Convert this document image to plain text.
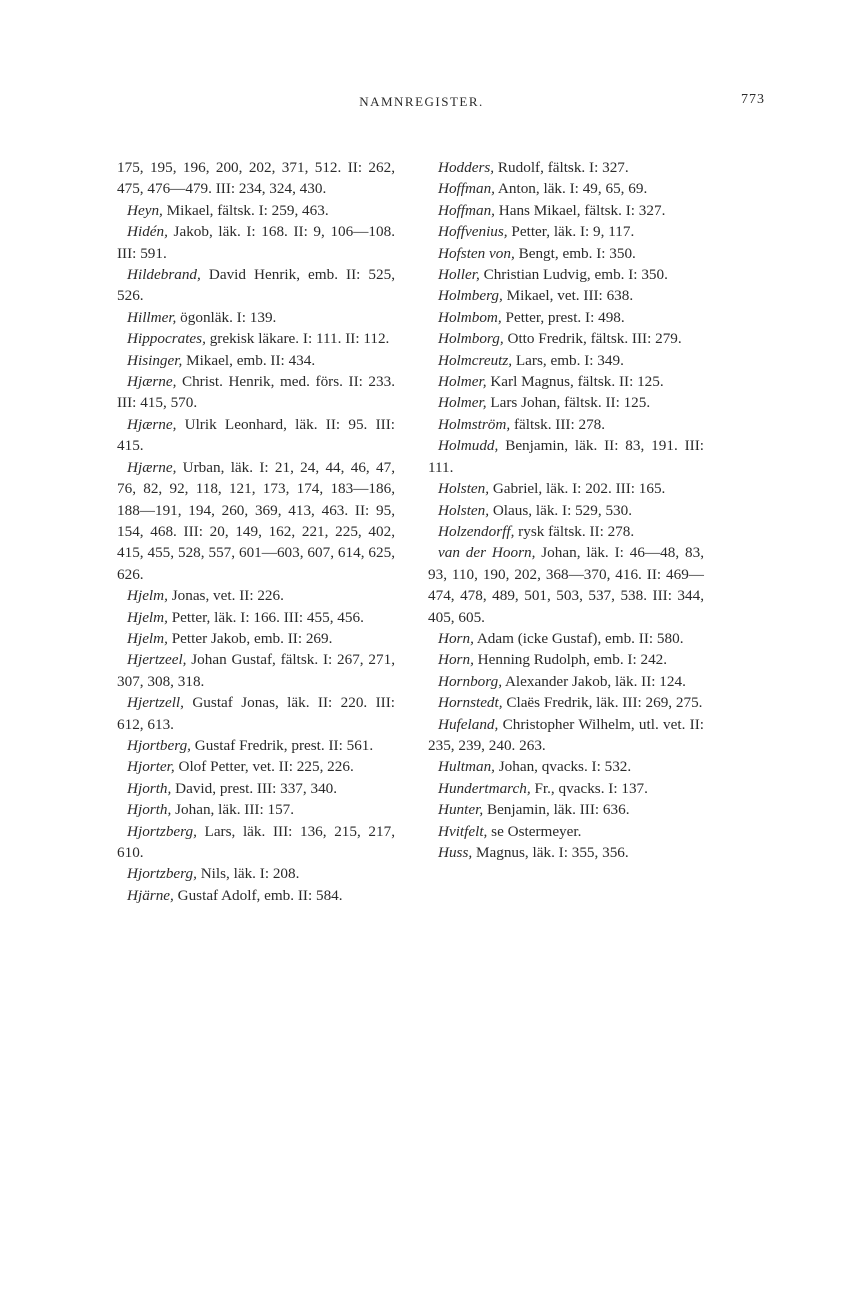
NAMNREGISTER.	773

175, 195, 196, 200, 202, 371, 512. II: 262, 475, 476—479. III: 234, 324, 430.

Heyn, Mikael, fältsk. I: 259, 463.

Hidén, Jakob, läk. I: 168. II: 9, 106—108. III: 591.

Hildebrand, David Henrik, emb. II: 525, 526.

Hillmer, ögonläk. I: 139.

Hippocrates, grekisk läkare. I: 111. II: 112.

Hisinger, Mikael, emb. II: 434.

Hjærne, Christ. Henrik, med. förs. II: 233. III: 415, 570.

Hjærne, Ulrik Leonhard, läk. II: 95. III: 415.

Hjærne, Urban, läk. I: 21, 24, 44, 46, 47, 76, 82, 92, 118, 121, 173, 174, 183—186, 188—191, 194, 260, 369, 413, 463. II: 95, 154, 468. III: 20, 149, 162, 221, 225, 402, 415, 455, 528, 557, 601—603, 607, 614, 625, 626.

Hjelm, Jonas, vet. II: 226.

Hjelm, Petter, läk. I: 166. III: 455, 456.

Hjelm, Petter Jakob, emb. II: 269.

Hjertzeel, Johan Gustaf, fältsk. I: 267, 271, 307, 308, 318.

Hjertzell, Gustaf Jonas, läk. II: 220. III: 612, 613.

Hjortberg, Gustaf Fredrik, prest. II: 561.

Hjorter, Olof Petter, vet. II: 225, 226.

Hjorth, David, prest. III: 337, 340.

Hjorth, Johan, läk. III: 157.

Hjortzberg, Lars, läk. III: 136, 215, 217, 610.

Hjortzberg, Nils, läk. I: 208.

Hjärne, Gustaf Adolf, emb. II: 584.

Hodders, Rudolf, fältsk. I: 327.

Hoffman, Anton, läk. I: 49, 65, 69.

Hoffman, Hans Mikael, fältsk. I: 327.

Hoffvenius, Petter, läk. I: 9, 117.

Hofsten von, Bengt, emb. I: 350.

Holler, Christian Ludvig, emb. I: 350.

Holmberg, Mikael, vet. III: 638.

Holmbom, Petter, prest. I: 498.

Holmborg, Otto Fredrik, fältsk. III: 279.

Holmcreutz, Lars, emb. I: 349.

Holmer, Karl Magnus, fältsk. II: 125.

Holmer, Lars Johan, fältsk. II: 125.

Holmström, fältsk. III: 278.

Holmudd, Benjamin, läk. II: 83, 191. III: 111.

Holsten, Gabriel, läk. I: 202. III: 165.

Holsten, Olaus, läk. I: 529, 530.

Holzendorff, rysk fältsk. II: 278.

van der Hoorn, Johan, läk. I: 46—48, 83, 93, 110, 190, 202, 368—370, 416. II: 469—474, 478, 489, 501, 503, 537, 538. III: 344, 405, 605.

Horn, Adam (icke Gustaf), emb. II: 580.

Horn, Henning Rudolph, emb. I: 242.

Hornborg, Alexander Jakob, läk. II: 124.

Hornstedt, Claës Fredrik, läk. III: 269, 275.

Hufeland, Christopher Wilhelm, utl. vet. II: 235, 239, 240. 263.

Hultman, Johan, qvacks. I: 532.

Hundertmarch, Fr., qvacks. I: 137.

Hunter, Benjamin, läk. III: 636.

Hvitfelt, se Ostermeyer.

Huss, Magnus, läk. I: 355, 356.
